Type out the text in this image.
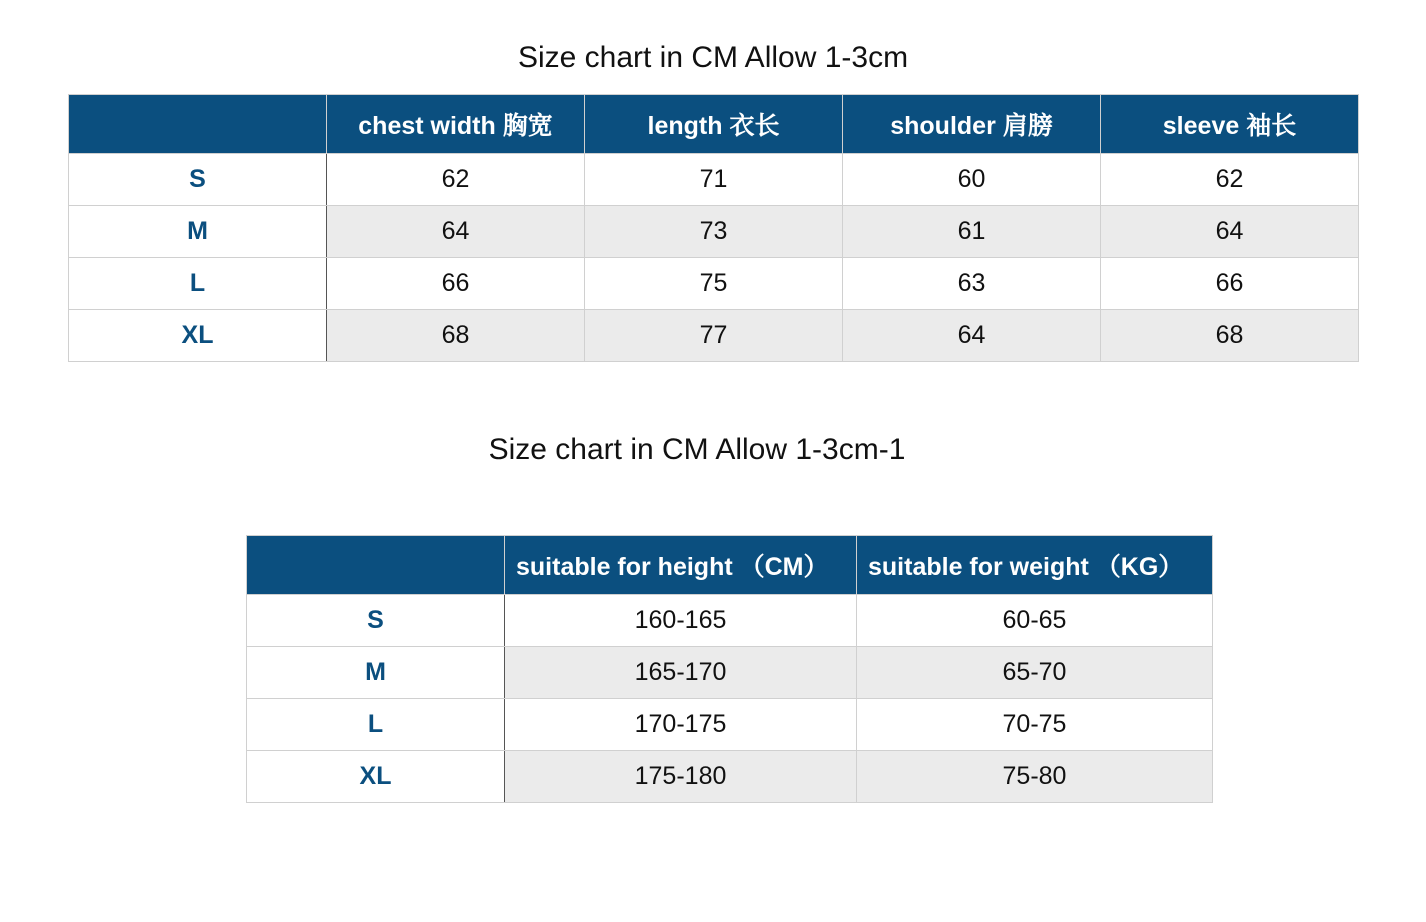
Size chart in CM Allow 1-3cm
	chest width 胸宽	length 衣长	shoulder 肩膀	sleeve 袖长
S	62	71	60	62
M	64	73	61	64
L	66	75	63	66
XL	68	77	64	68
Size chart in CM Allow 1-3cm-1
	suitable for height （CM）	suitable for weight （KG）
S	160-165	60-65
M	165-170	65-70
L	170-175	70-75
XL	175-180	75-80
